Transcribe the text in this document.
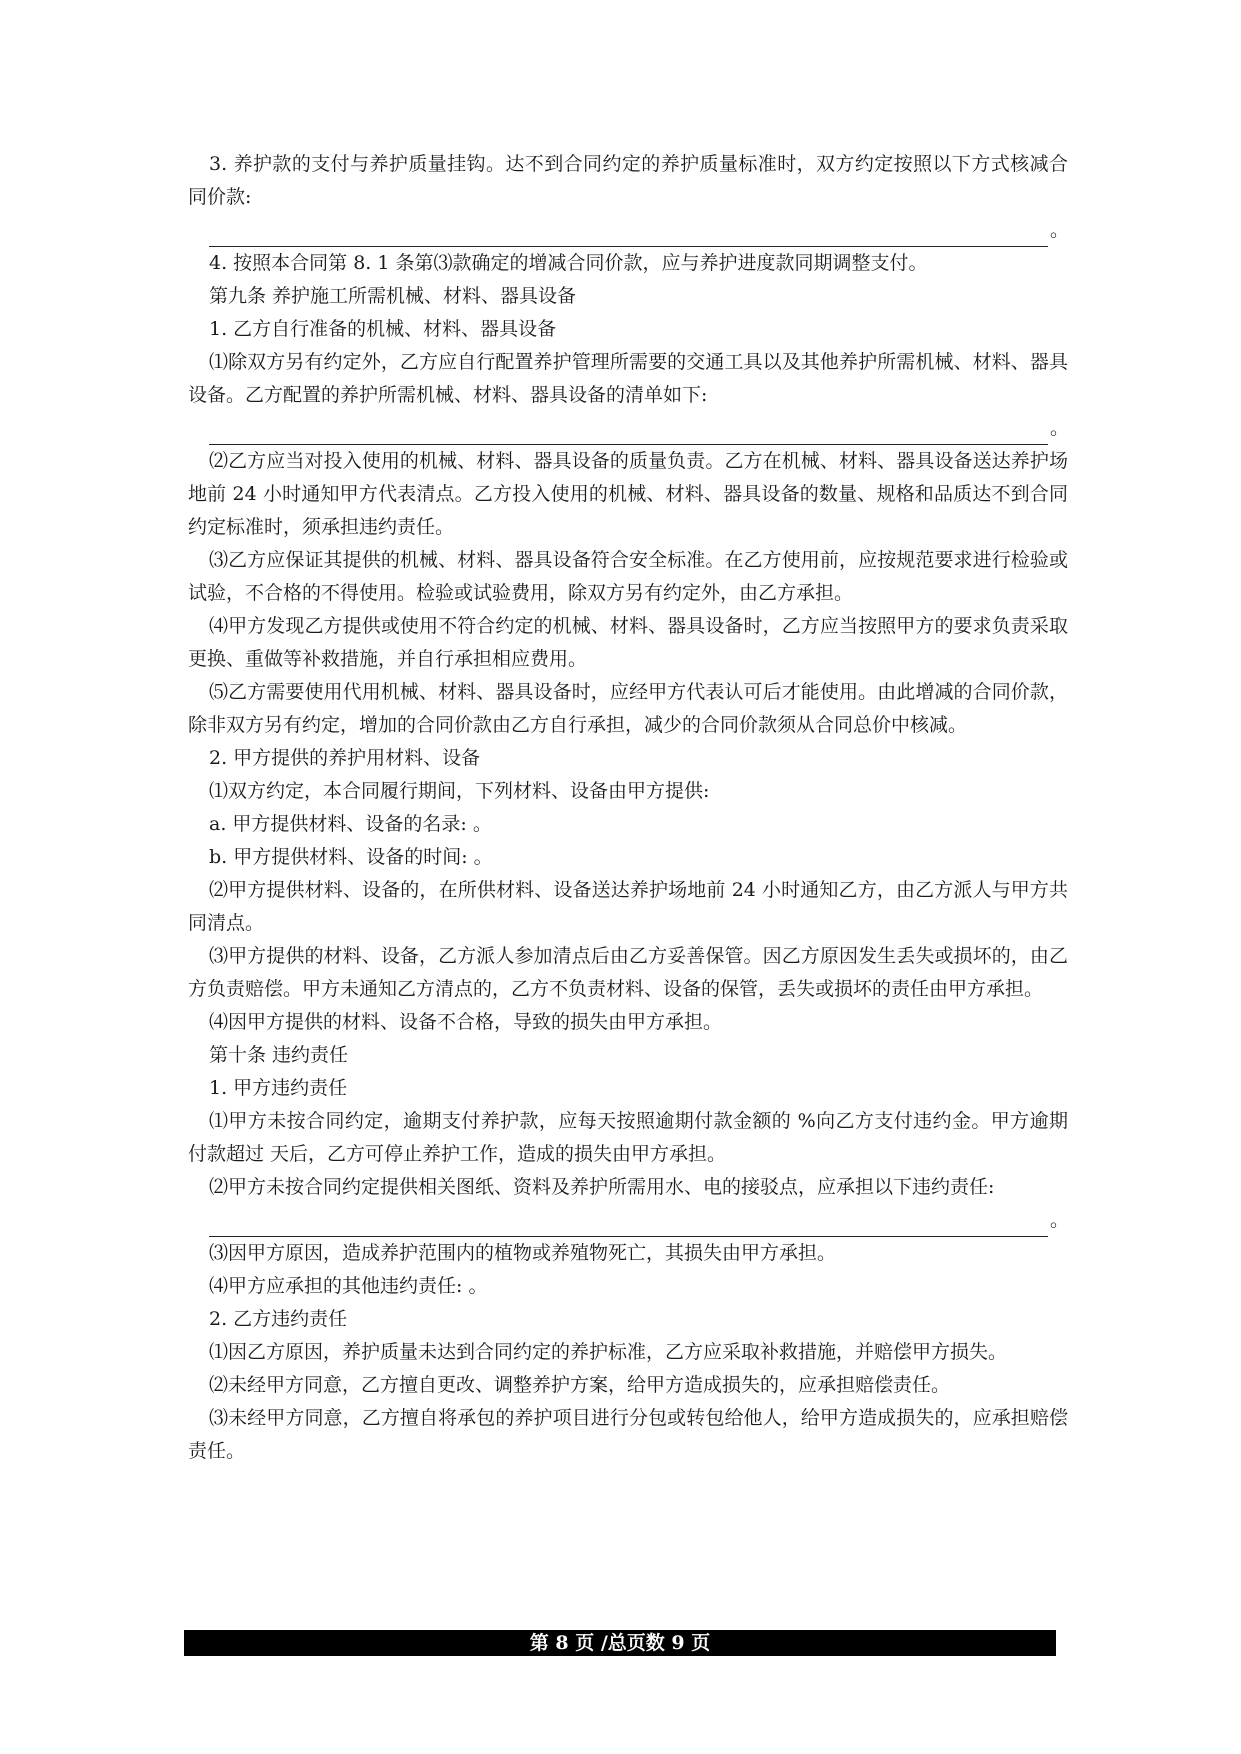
3. 养护款的支付与养护质量挂钩。达不到合同约定的养护质量标准时，双方约定按照以下方式核减合同价款:

。

4. 按照本合同第 8. 1 条第⑶款确定的增减合同价款，应与养护进度款同期调整支付。

第九条 养护施工所需机械、材料、器具设备

1. 乙方自行准备的机械、材料、器具设备

⑴除双方另有约定外，乙方应自行配置养护管理所需要的交通工具以及其他养护所需机械、材料、器具设备。乙方配置的养护所需机械、材料、器具设备的清单如下:

。

⑵乙方应当对投入使用的机械、材料、器具设备的质量负责。乙方在机械、材料、器具设备送达养护场地前 24 小时通知甲方代表清点。乙方投入使用的机械、材料、器具设备的数量、规格和品质达不到合同约定标准时，须承担违约责任。

⑶乙方应保证其提供的机械、材料、器具设备符合安全标准。在乙方使用前，应按规范要求进行检验或试验，不合格的不得使用。检验或试验费用，除双方另有约定外，由乙方承担。

⑷甲方发现乙方提供或使用不符合约定的机械、材料、器具设备时，乙方应当按照甲方的要求负责采取更换、重做等补救措施，并自行承担相应费用。

⑸乙方需要使用代用机械、材料、器具设备时，应经甲方代表认可后才能使用。由此增减的合同价款，除非双方另有约定，增加的合同价款由乙方自行承担，减少的合同价款须从合同总价中核减。

2. 甲方提供的养护用材料、设备

⑴双方约定，本合同履行期间，下列材料、设备由甲方提供:

a. 甲方提供材料、设备的名录: 。

b. 甲方提供材料、设备的时间: 。

⑵甲方提供材料、设备的，在所供材料、设备送达养护场地前 24 小时通知乙方，由乙方派人与甲方共同清点。

⑶甲方提供的材料、设备，乙方派人参加清点后由乙方妥善保管。因乙方原因发生丢失或损坏的，由乙方负责赔偿。甲方未通知乙方清点的，乙方不负责材料、设备的保管，丢失或损坏的责任由甲方承担。

⑷因甲方提供的材料、设备不合格，导致的损失由甲方承担。

第十条 违约责任

1. 甲方违约责任

⑴甲方未按合同约定，逾期支付养护款，应每天按照逾期付款金额的 %向乙方支付违约金。甲方逾期付款超过 天后，乙方可停止养护工作，造成的损失由甲方承担。

⑵甲方未按合同约定提供相关图纸、资料及养护所需用水、电的接驳点，应承担以下违约责任:

。

⑶因甲方原因，造成养护范围内的植物或养殖物死亡，其损失由甲方承担。

⑷甲方应承担的其他违约责任: 。

2. 乙方违约责任

⑴因乙方原因，养护质量未达到合同约定的养护标准，乙方应采取补救措施，并赔偿甲方损失。

⑵未经甲方同意，乙方擅自更改、调整养护方案，给甲方造成损失的，应承担赔偿责任。

⑶未经甲方同意，乙方擅自将承包的养护项目进行分包或转包给他人，给甲方造成损失的，应承担赔偿责任。

第 8 页 /总页数 9 页
